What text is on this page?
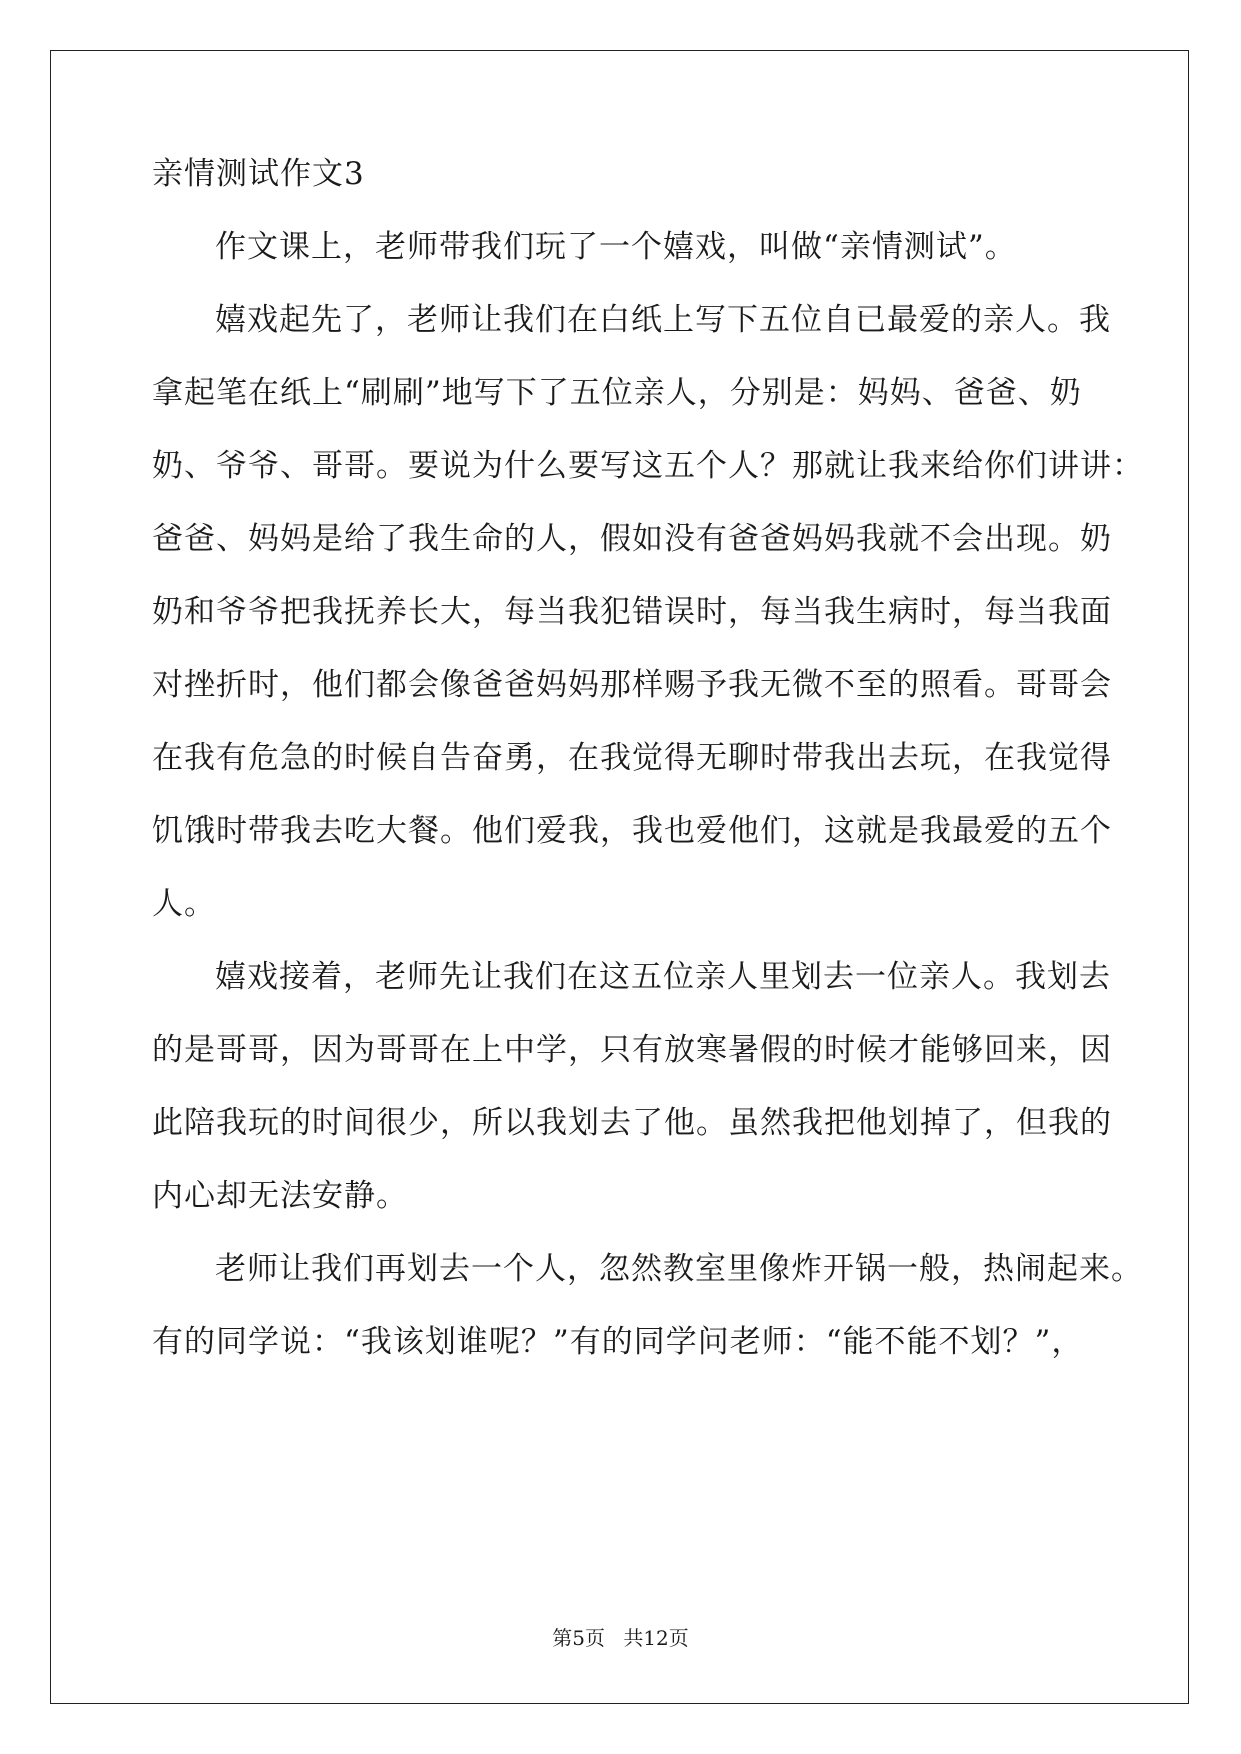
亲情测试作文3
作文课上，老师带我们玩了一个嬉戏，叫做“亲情测试”。
嬉戏起先了，老师让我们在白纸上写下五位自已最爱的亲人。我
拿起笔在纸上“刷刷”地写下了五位亲人，分别是：妈妈、爸爸、奶
奶、爷爷、哥哥。要说为什么要写这五个人？那就让我来给你们讲讲：
爸爸、妈妈是给了我生命的人，假如没有爸爸妈妈我就不会出现。奶
奶和爷爷把我抚养长大，每当我犯错误时，每当我生病时，每当我面
对挫折时，他们都会像爸爸妈妈那样赐予我无微不至的照看。哥哥会
在我有危急的时候自告奋勇，在我觉得无聊时带我出去玩，在我觉得
饥饿时带我去吃大餐。他们爱我，我也爱他们，这就是我最爱的五个
人。
嬉戏接着，老师先让我们在这五位亲人里划去一位亲人。我划去
的是哥哥，因为哥哥在上中学，只有放寒暑假的时候才能够回来，因
此陪我玩的时间很少，所以我划去了他。虽然我把他划掉了，但我的
内心却无法安静。
老师让我们再划去一个人，忽然教室里像炸开锅一般，热闹起来。
有的同学说：“我该划谁呢？”有的同学问老师：“能不能不划？”，
第5页 共12页
